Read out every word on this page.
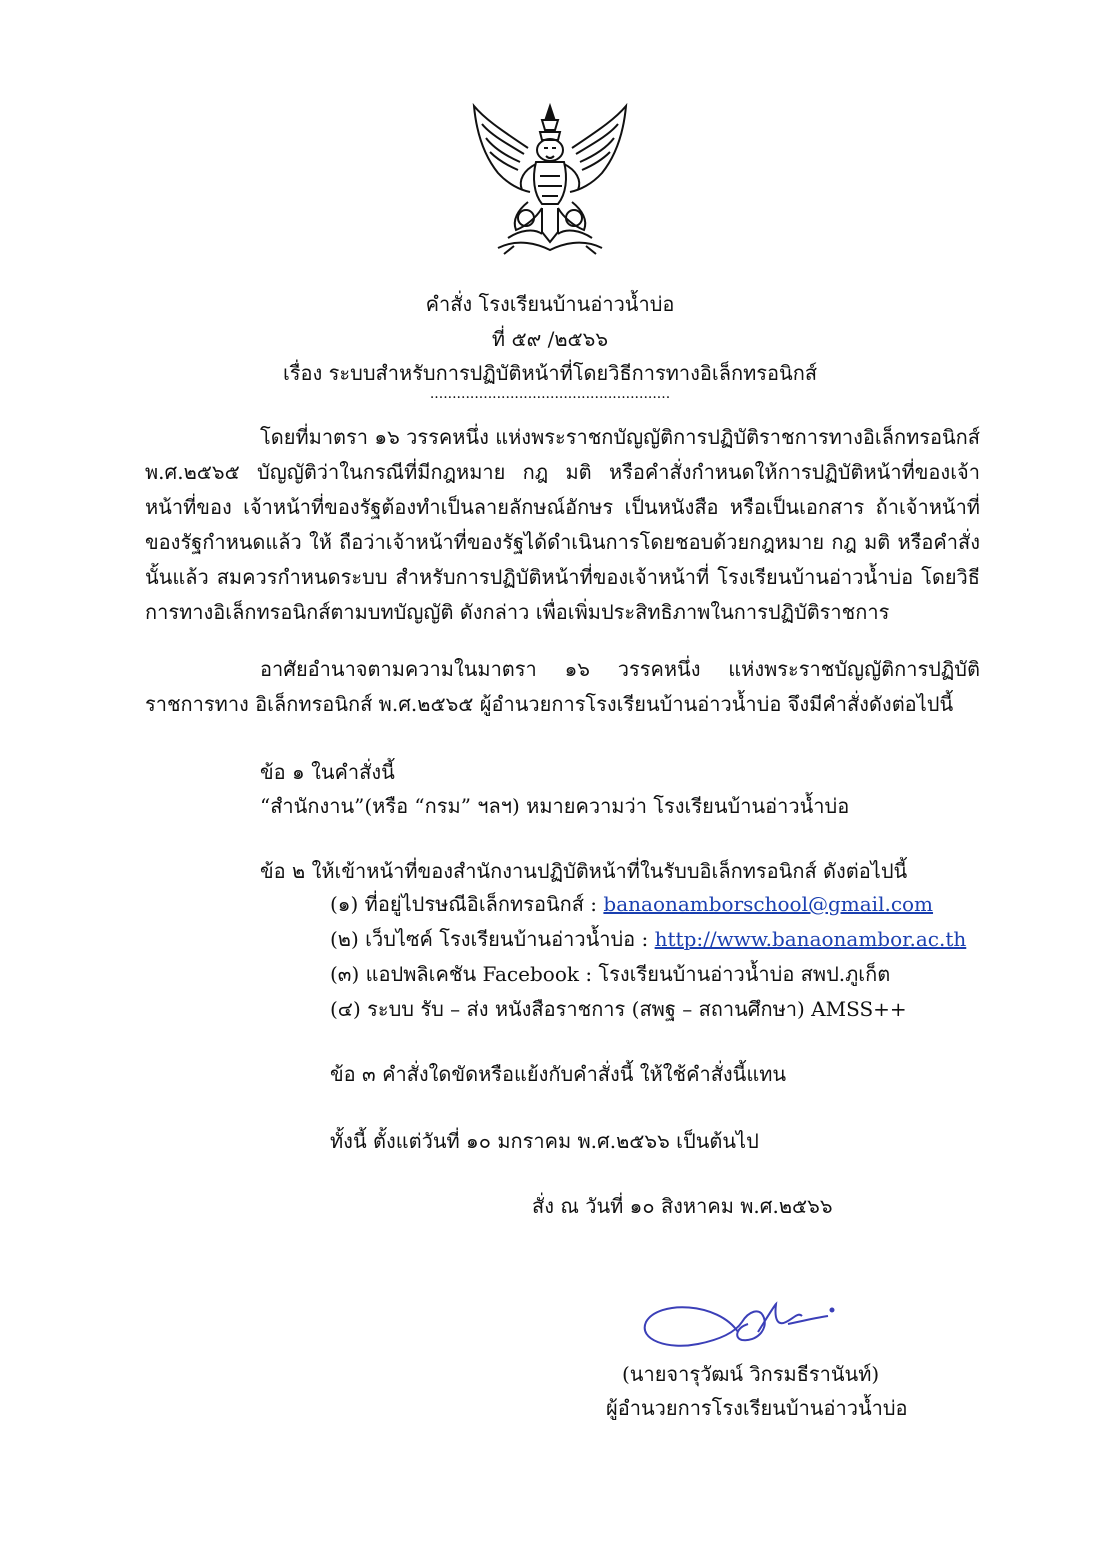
คำสั่ง โรงเรียนบ้านอ่าวน้ำบ่อ
ที่ ๕๙ /๒๕๖๖
เรื่อง ระบบสำหรับการปฏิบัติหน้าที่โดยวิธีการทางอิเล็กทรอนิกส์
......................................................
โดยที่มาตรา ๑๖ วรรคหนึ่ง แห่งพระราชกบัญญัติการปฏิบัติราชการทางอิเล็กทรอนิกส์ พ.ศ.๒๕๖๕ บัญญัติว่าในกรณีที่มีกฎหมาย กฎ มติ หรือคำสั่งกำหนดให้การปฏิบัติหน้าที่ของเจ้าหน้าที่ของ เจ้าหน้าที่ของรัฐต้องทำเป็นลายลักษณ์อักษร เป็นหนังสือ หรือเป็นเอกสาร ถ้าเจ้าหน้าที่ของรัฐกำหนดแล้ว ให้ ถือว่าเจ้าหน้าที่ของรัฐได้ดำเนินการโดยชอบด้วยกฎหมาย กฎ มติ หรือคำสั่งนั้นแล้ว สมควรกำหนดระบบ สำหรับการปฏิบัติหน้าที่ของเจ้าหน้าที่ โรงเรียนบ้านอ่าวน้ำบ่อ โดยวิธีการทางอิเล็กทรอนิกส์ตามบทบัญญัติ ดังกล่าว เพื่อเพิ่มประสิทธิภาพในการปฏิบัติราชการ
อาศัยอำนาจตามความในมาตรา ๑๖ วรรคหนึ่ง แห่งพระราชบัญญัติการปฏิบัติราชการทาง อิเล็กทรอนิกส์ พ.ศ.๒๕๖๕ ผู้อำนวยการโรงเรียนบ้านอ่าวน้ำบ่อ จึงมีคำสั่งดังต่อไปนี้
ข้อ ๑ ในคำสั่งนี้
“สำนักงาน”(หรือ “กรม” ฯลฯ) หมายความว่า โรงเรียนบ้านอ่าวน้ำบ่อ
ข้อ ๒ ให้เข้าหน้าที่ของสำนักงานปฏิบัติหน้าที่ในรับบอิเล็กทรอนิกส์ ดังต่อไปนี้
(๑) ที่อยู่ไปรษณีอิเล็กทรอนิกส์ : banaonamborschool@gmail.com
(๒) เว็บไซค์ โรงเรียนบ้านอ่าวน้ำบ่อ : http://www.banaonambor.ac.th
(๓) แอปพลิเคชัน Facebook : โรงเรียนบ้านอ่าวน้ำบ่อ สพป.ภูเก็ต
(๔) ระบบ รับ – ส่ง หนังสือราชการ (สพฐ – สถานศึกษา) AMSS++
ข้อ ๓ คำสั่งใดขัดหรือแย้งกับคำสั่งนี้ ให้ใช้คำสั่งนี้แทน
ทั้งนี้ ตั้งแต่วันที่ ๑๐ มกราคม พ.ศ.๒๕๖๖ เป็นต้นไป
สั่ง ณ วันที่ ๑๐ สิงหาคม พ.ศ.๒๕๖๖
(นายจารุวัฒน์ วิกรมธีรานันท์)
ผู้อำนวยการโรงเรียนบ้านอ่าวน้ำบ่อ
